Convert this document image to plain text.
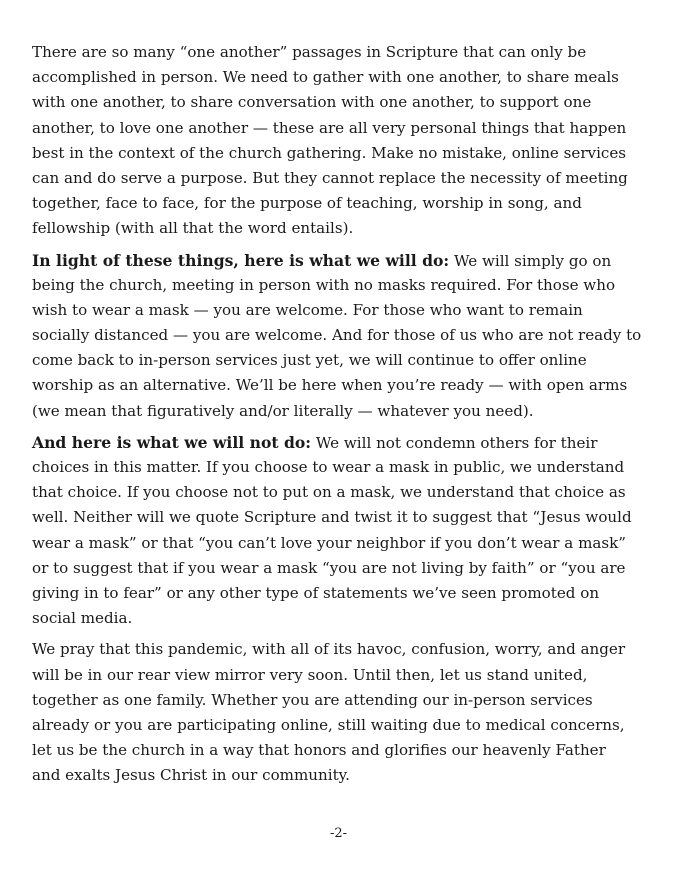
There are so many “one another” passages in Scripture that can only be
accomplished in person. We need to gather with one another, to share meals
with one another, to share conversation with one another, to support one
another, to love one another — these are all very personal things that happen
best in the context of the church gathering. Make no mistake, online services
can and do serve a purpose. But they cannot replace the necessity of meeting
together, face to face, for the purpose of teaching, worship in song, and
fellowship (with all that the word entails).

In light of these things, here is what we will do: We will simply go on
being the church, meeting in person with no masks required. For those who
wish to wear a mask — you are welcome. For those who want to remain
socially distanced — you are welcome. And for those of us who are not ready to
come back to in-person services just yet, we will continue to offer online
worship as an alternative. We’ll be here when you’re ready — with open arms
(we mean that figuratively and/or literally — whatever you need).

And here is what we will not do: We will not condemn others for their
choices in this matter. If you choose to wear a mask in public, we understand
that choice. If you choose not to put on a mask, we understand that choice as
well. Neither will we quote Scripture and twist it to suggest that “Jesus would
wear a mask” or that “you can’t love your neighbor if you don’t wear a mask”
or to suggest that if you wear a mask “you are not living by faith” or “you are
giving in to fear” or any other type of statements we’ve seen promoted on
social media.

We pray that this pandemic, with all of its havoc, confusion, worry, and anger
will be in our rear view mirror very soon. Until then, let us stand united,
together as one family. Whether you are attending our in-person services
already or you are participating online, still waiting due to medical concerns,
let us be the church in a way that honors and glorifies our heavenly Father
and exalts Jesus Christ in our community.

-2-
